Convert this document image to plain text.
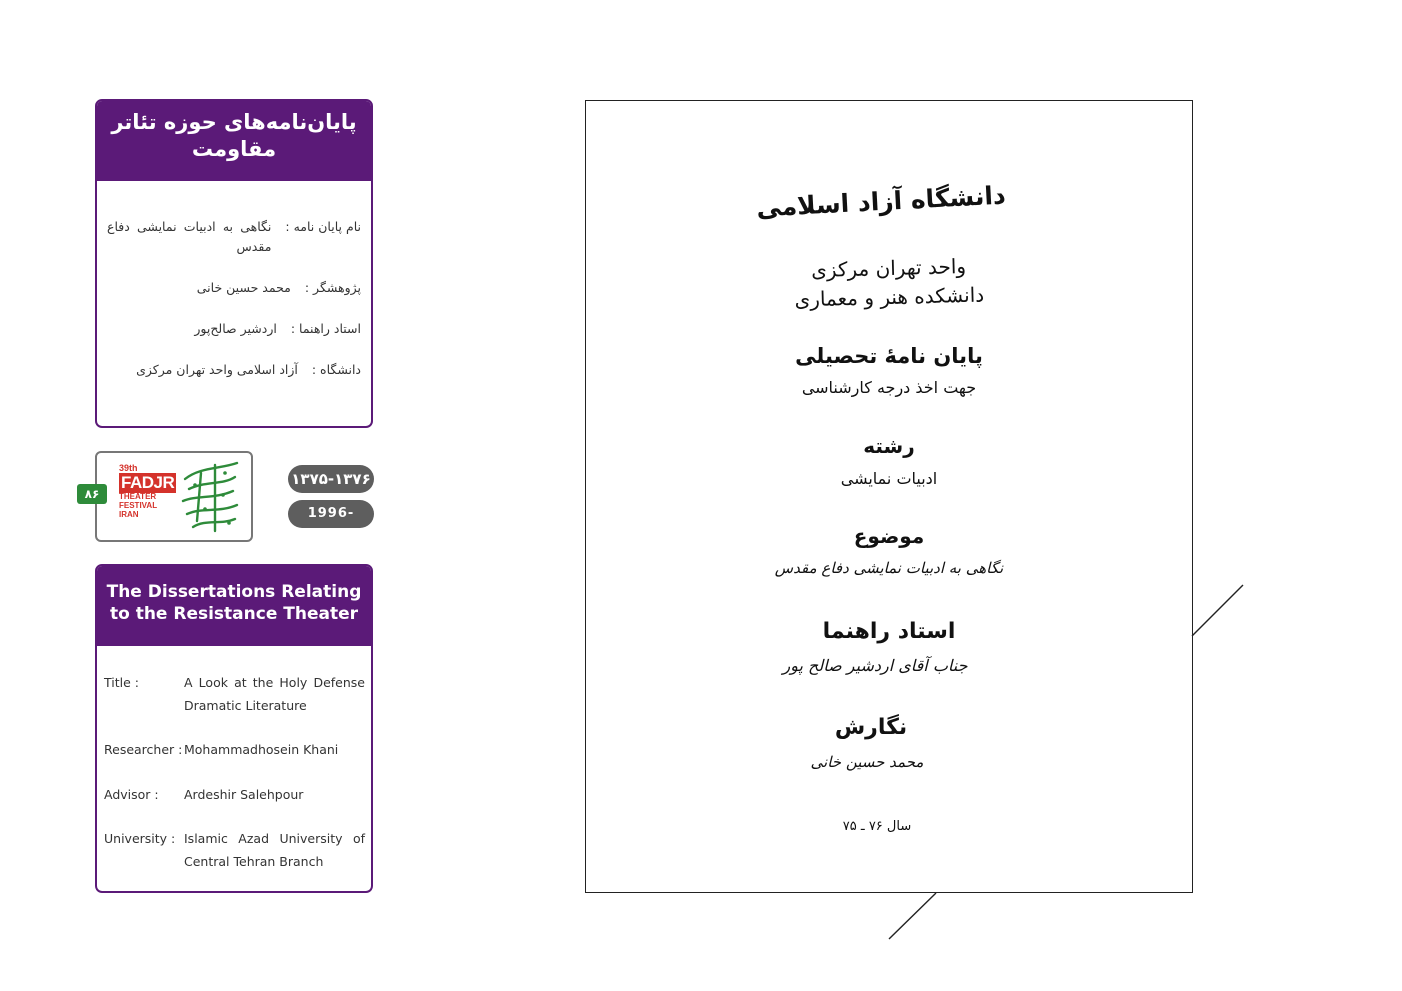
پایان‌نامه‌های حوزه تئاتر مقاومت
نام پایان نامه :
نگاهی به ادبیات نمایشی دفاع مقدس
پژوهشگر :
محمد حسین خانی
استاد راهنما :
اردشیر صالح‌پور
دانشگاه :
آزاد اسلامی واحد تهران مرکزی
39th
FADJR
THEATER FESTIVAL
IRAN
۸۶
۱۳۷۵-۱۳۷۶
1996-1997
The Dissertations Relating
to the Resistance Theater
Title :	A Look at the Holy Defense Dramatic Literature
Researcher : Mohammadhosein Khani
Advisor :	Ardeshir Salehpour
University : Islamic Azad University of Central Tehran Branch
دانشگاه آزاد اسلامی
واحد تهران مرکزی
دانشکده هنر و معماری
پایان نامهٔ تحصیلی
جهت اخذ درجه کارشناسی
رشته
ادبیات نمایشی
موضوع
نگاهی به ادبیات نمایشی دفاع مقدس
استاد راهنما
جناب آقای اردشیر صالح پور
نگارش
محمد حسین خانی
سال ۷۶ ـ ۷۵
